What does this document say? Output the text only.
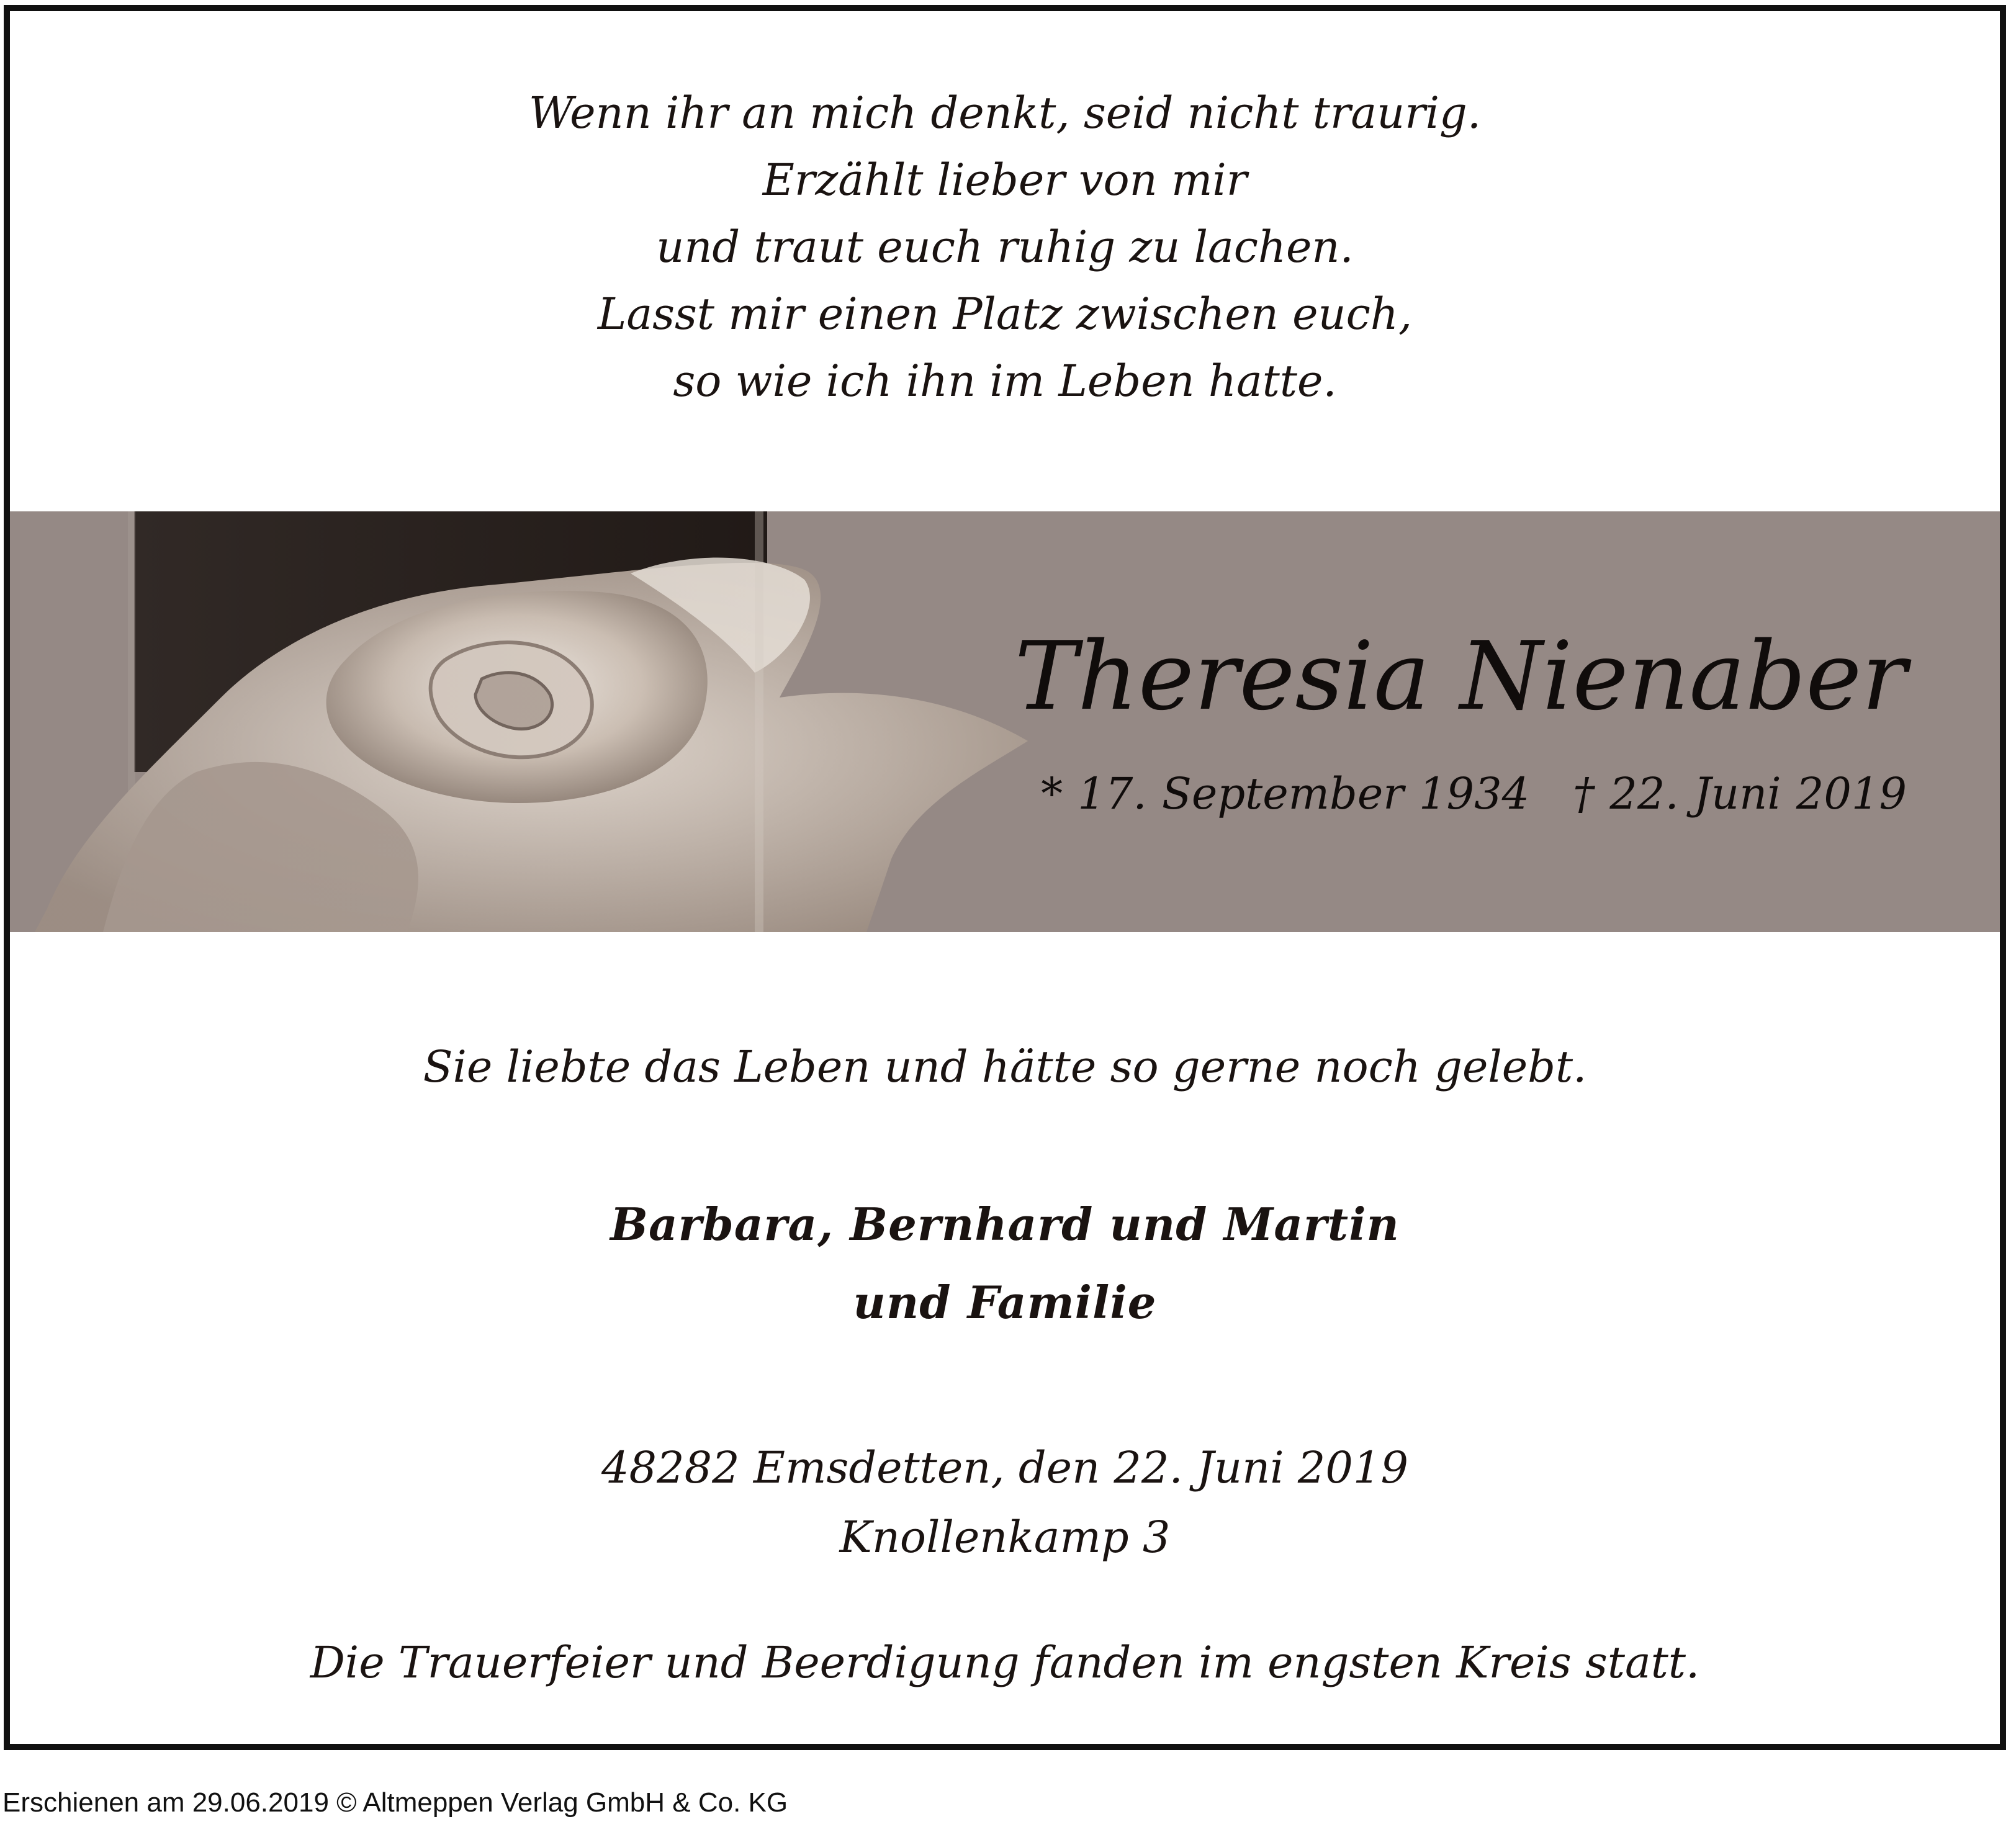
Wenn ihr an mich denkt, seid nicht traurig.
Erzählt lieber von mir
und traut euch ruhig zu lachen.
Lasst mir einen Platz zwischen euch,
so wie ich ihn im Leben hatte.
Theresia Nienaber
* 17. September 1934 † 22. Juni 2019
Sie liebte das Leben und hätte so gerne noch gelebt.
Barbara, Bernhard und Martin
und Familie
48282 Emsdetten, den 22. Juni 2019
Knollenkamp 3
Die Trauerfeier und Beerdigung fanden im engsten Kreis statt.
Erschienen am 29.06.2019 © Altmeppen Verlag GmbH & Co. KG
